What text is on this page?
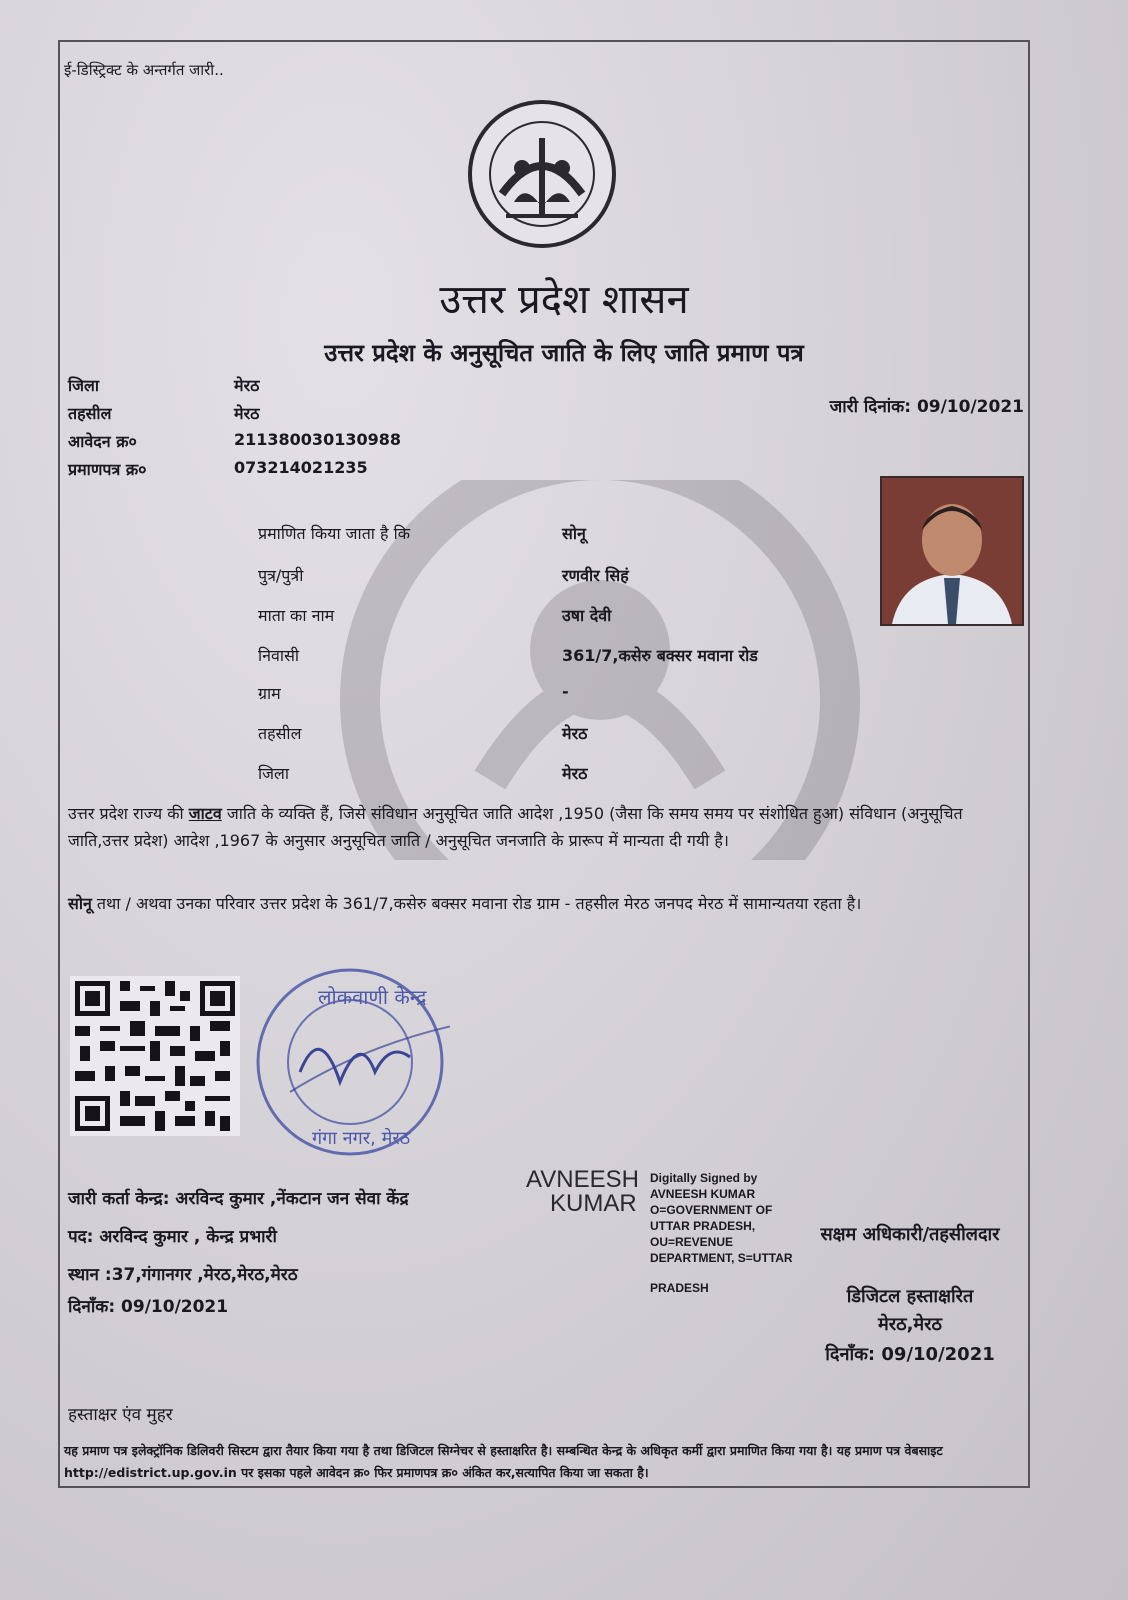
ई-डिस्ट्रिक्ट के अन्तर्गत जारी..
उत्तर प्रदेश शासन
उत्तर प्रदेश के अनुसूचित जाति के लिए जाति प्रमाण पत्र
जिला	मेरठ
तहसील	मेरठ
आवेदन क्र०	211380030130988
प्रमाणपत्र क्र०	073214021235
जारी दिनांक: 09/10/2021
प्रमाणित किया जाता है कि	सोनू
पुत्र/पुत्री	रणवीर सिहं
माता का नाम	उषा देवी
निवासी	361/7,कसेरु बक्सर मवाना रोड
ग्राम	-
तहसील	मेरठ
जिला	मेरठ
उत्तर प्रदेश राज्य की जाटव जाति के व्यक्ति हैं, जिसे संविधान अनुसूचित जाति आदेश ,1950 (जैसा कि समय समय पर संशोधित हुआ) संविधान (अनुसूचित जाति,उत्तर प्रदेश) आदेश ,1967 के अनुसार अनुसूचित जाति / अनुसूचित जनजाति के प्रारूप में मान्यता दी गयी है।
सोनू तथा / अथवा उनका परिवार उत्तर प्रदेश के 361/7,कसेरु बक्सर मवाना रोड ग्राम - तहसील मेरठ जनपद मेरठ में सामान्यतया रहता है।
लोकवाणी केन्द्र
गंगा नगर, मेरठ
जारी कर्ता केन्द्र: अरविन्द कुमार ,नेंकटान जन सेवा केंद्र
पद: अरविन्द कुमार , केन्द्र प्रभारी
स्थान :37,गंगानगर ,मेरठ,मेरठ,मेरठ
दिनाँक: 09/10/2021
AVNEESH
KUMAR
Digitally Signed by AVNEESH KUMAR O=GOVERNMENT OF UTTAR PRADESH, OU=REVENUE DEPARTMENT, S=UTTAR
PRADESH
सक्षम अधिकारी/तहसीलदार
डिजिटल हस्ताक्षरित
मेरठ,मेरठ
दिनाँक: 09/10/2021
हस्ताक्षर एंव मुहर
यह प्रमाण पत्र इलेक्ट्रॉनिक डिलिवरी सिस्टम द्वारा तैयार किया गया है तथा डिजिटल सिग्नेचर से हस्ताक्षरित है। सम्बन्धित केन्द्र के अधिकृत कर्मी द्वारा प्रमाणित किया गया है। यह प्रमाण पत्र वेबसाइट http://edistrict.up.gov.in पर इसका पहले आवेदन क्र० फिर प्रमाणपत्र क्र० अंकित कर,सत्यापित किया जा सकता है।
